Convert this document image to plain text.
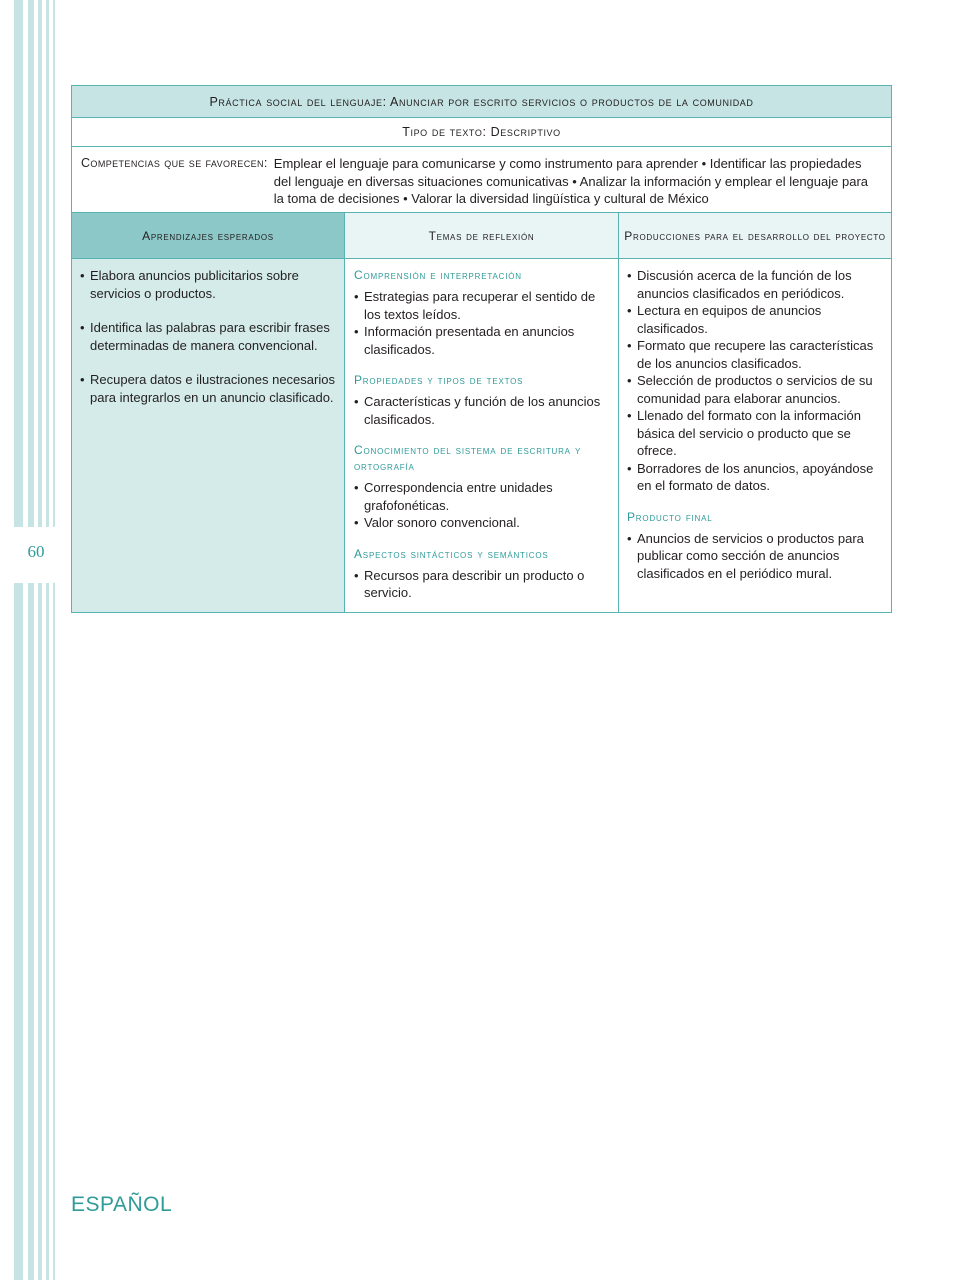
60
Práctica social del lenguaje: Anunciar por escrito servicios o productos de la comunidad
Tipo de texto: Descriptivo
Competencias que se favorecen: Emplear el lenguaje para comunicarse y como instrumento para aprender • Identificar las propiedades del lenguaje en diversas situaciones comunicativas • Analizar la información y emplear el lenguaje para la toma de decisiones • Valorar la diversidad lingüística y cultural de México
Aprendizajes esperados
• Elabora anuncios publicitarios sobre servicios o productos.
• Identifica las palabras para escribir frases determinadas de manera convencional.
• Recupera datos e ilustraciones necesarios para integrarlos en un anuncio clasificado.
Temas de reflexión
Comprensión e interpretación
• Estrategias para recuperar el sentido de los textos leídos.
• Información presentada en anuncios clasificados.
Propiedades y tipos de textos
• Características y función de los anuncios clasificados.
Conocimiento del sistema de escritura y ortografía
• Correspondencia entre unidades grafofonéticas.
• Valor sonoro convencional.
Aspectos sintácticos y semánticos
• Recursos para describir un producto o servicio.
Producciones para el desarrollo del proyecto
• Discusión acerca de la función de los anuncios clasificados en periódicos.
• Lectura en equipos de anuncios clasificados.
• Formato que recupere las características de los anuncios clasificados.
• Selección de productos o servicios de su comunidad para elaborar anuncios.
• Llenado del formato con la información básica del servicio o producto que se ofrece.
• Borradores de los anuncios, apoyándose en el formato de datos.
Producto final
• Anuncios de servicios o productos para publicar como sección de anuncios clasificados en el periódico mural.
ESPAÑOL
